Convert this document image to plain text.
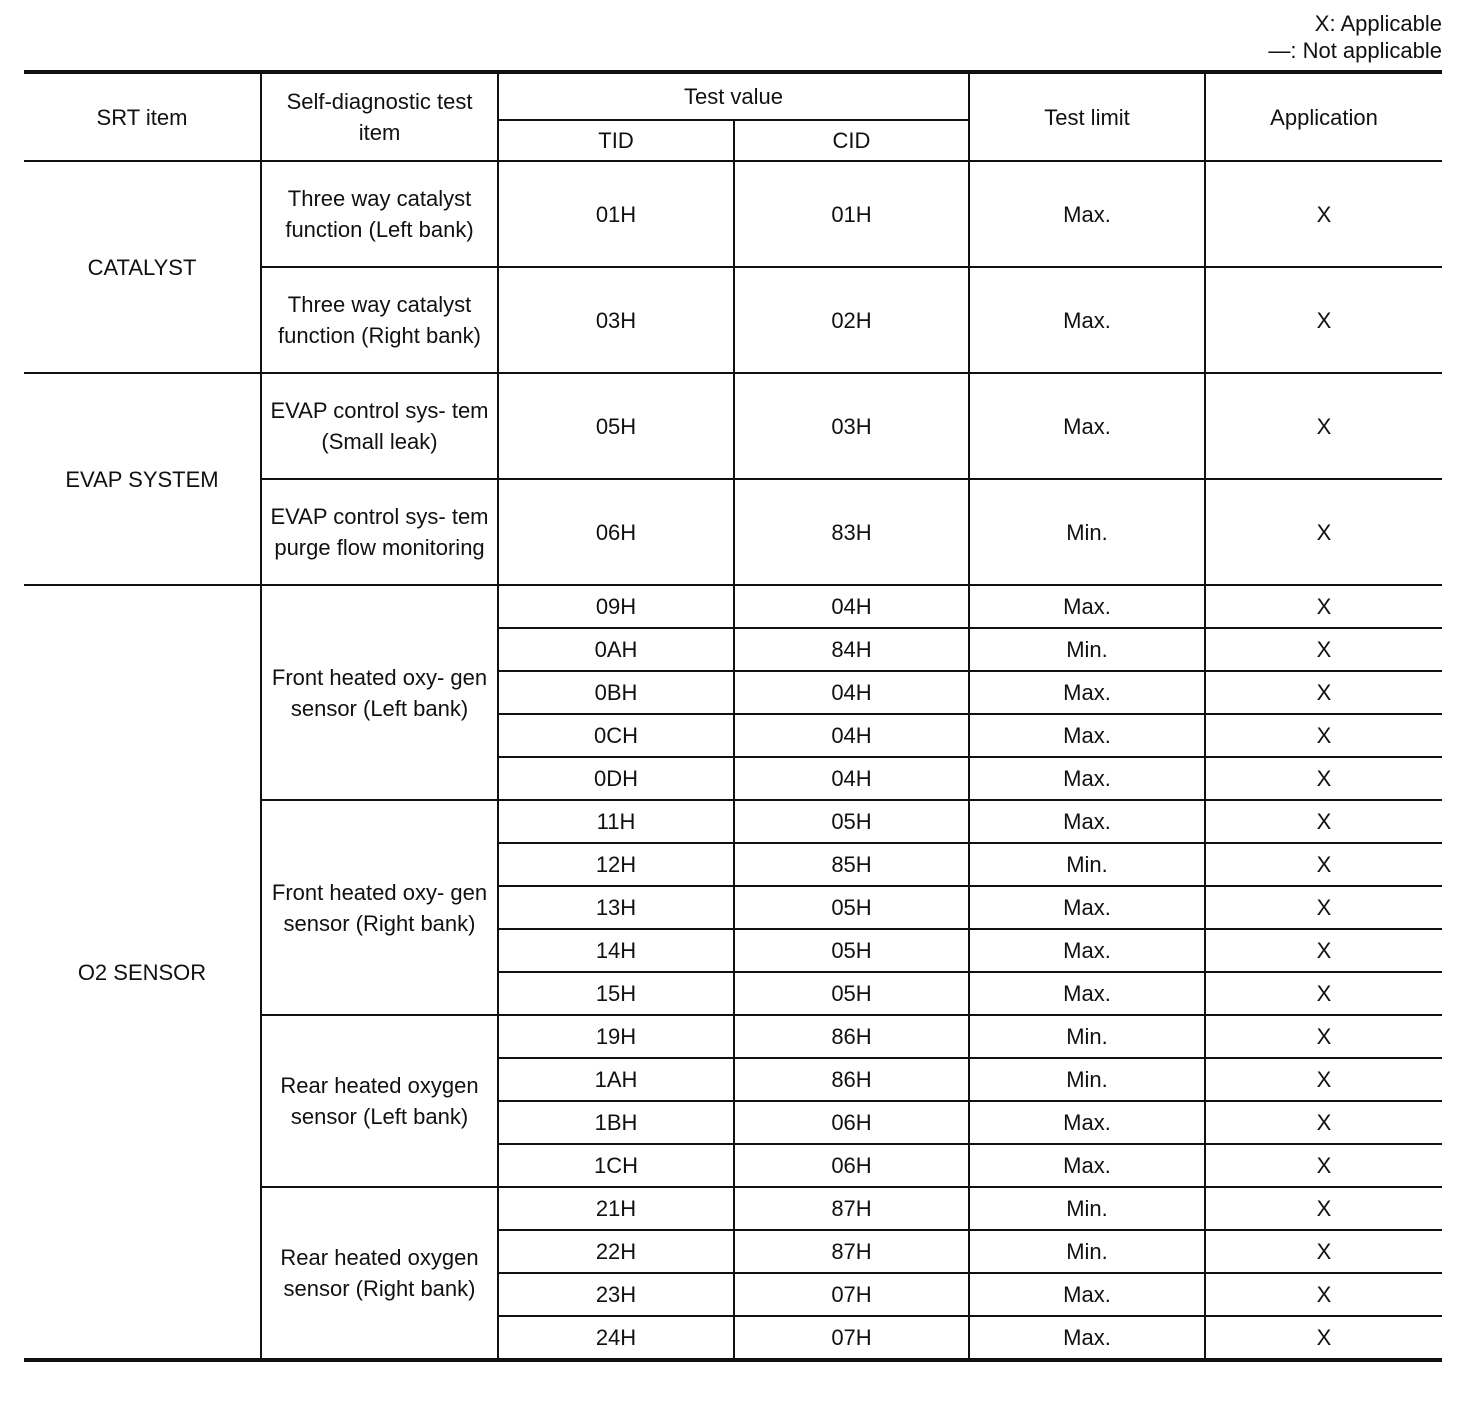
X: Applicable
—: Not applicable
SRT item	Self-diagnostic test item	Test value		Test limit	Application
		TID	CID		
CATALYST	Three way catalyst function (Left bank)	01H	01H	Max.	X
	Three way catalyst function (Right bank)	03H	02H	Max.	X
EVAP SYSTEM	EVAP control sys- tem (Small leak)	05H	03H	Max.	X
	EVAP control sys- tem purge flow monitoring	06H	83H	Min.	X
O2 SENSOR	Front heated oxy- gen sensor (Left bank)	09H	04H	Max.	X
		0AH	84H	Min.	X
		0BH	04H	Max.	X
		0CH	04H	Max.	X
		0DH	04H	Max.	X
	Front heated oxy- gen sensor (Right bank)	11H	05H	Max.	X
		12H	85H	Min.	X
		13H	05H	Max.	X
		14H	05H	Max.	X
		15H	05H	Max.	X
	Rear heated oxygen sensor (Left bank)	19H	86H	Min.	X
		1AH	86H	Min.	X
		1BH	06H	Max.	X
		1CH	06H	Max.	X
	Rear heated oxygen sensor (Right bank)	21H	87H	Min.	X
		22H	87H	Min.	X
		23H	07H	Max.	X
		24H	07H	Max.	X
